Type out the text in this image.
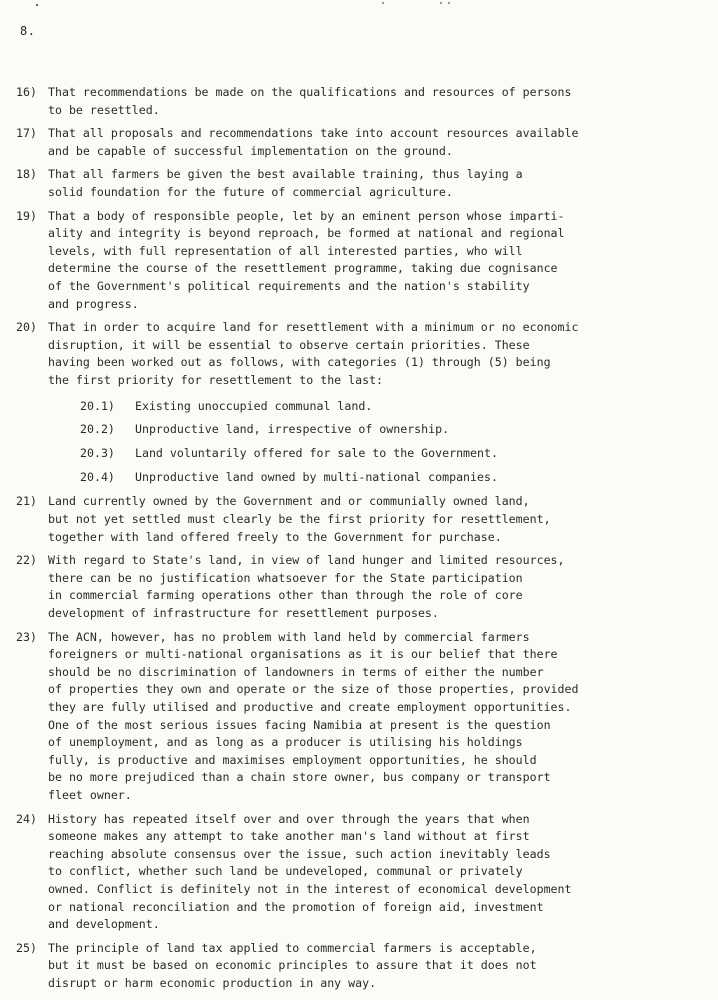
8.
16) That recommendations be made on the qualifications and resources of persons
to be resettled.
17) That all proposals and recommendations take into account resources available
and be capable of successful implementation on the ground.
18) That all farmers be given the best available training, thus laying a
solid foundation for the future of commercial agriculture.
19) That a body of responsible people, let by an eminent person whose imparti-
ality and integrity is beyond reproach, be formed at national and regional
levels, with full representation of all interested parties, who will
determine the course of the resettlement programme, taking due cognisance
of the Government's political requirements and the nation's stability
and progress.
20) That in order to acquire land for resettlement with a minimum or no economic
disruption, it will be essential to observe certain priorities. These
having been worked out as follows, with categories (1) through (5) being
the first priority for resettlement to the last:
20.1) Existing unoccupied communal land.
20.2) Unproductive land, irrespective of ownership.
20.3) Land voluntarily offered for sale to the Government.
20.4) Unproductive land owned by multi-national companies.
21) Land currently owned by the Government and or communially owned land,
but not yet settled must clearly be the first priority for resettlement,
together with land offered freely to the Government for purchase.
22) With regard to State's land, in view of land hunger and limited resources,
there can be no justification whatsoever for the State participation
in commercial farming operations other than through the role of core
development of infrastructure for resettlement purposes.
23) The ACN, however, has no problem with land held by commercial farmers
foreigners or multi-national organisations as it is our belief that there
should be no discrimination of landowners in terms of either the number
of properties they own and operate or the size of those properties, provided
they are fully utilised and productive and create employment opportunities.
One of the most serious issues facing Namibia at present is the question
of unemployment, and as long as a producer is utilising his holdings
fully, is productive and maximises employment opportunities, he should
be no more prejudiced than a chain store owner, bus company or transport
fleet owner.
24) History has repeated itself over and over through the years that when
someone makes any attempt to take another man's land without at first
reaching absolute consensus over the issue, such action inevitably leads
to conflict, whether such land be undeveloped, communal or privately
owned. Conflict is definitely not in the interest of economical development
or national reconciliation and the promotion of foreign aid, investment
and development.
25) The principle of land tax applied to commercial farmers is acceptable,
but it must be based on economic principles to assure that it does not
disrupt or harm economic production in any way.
